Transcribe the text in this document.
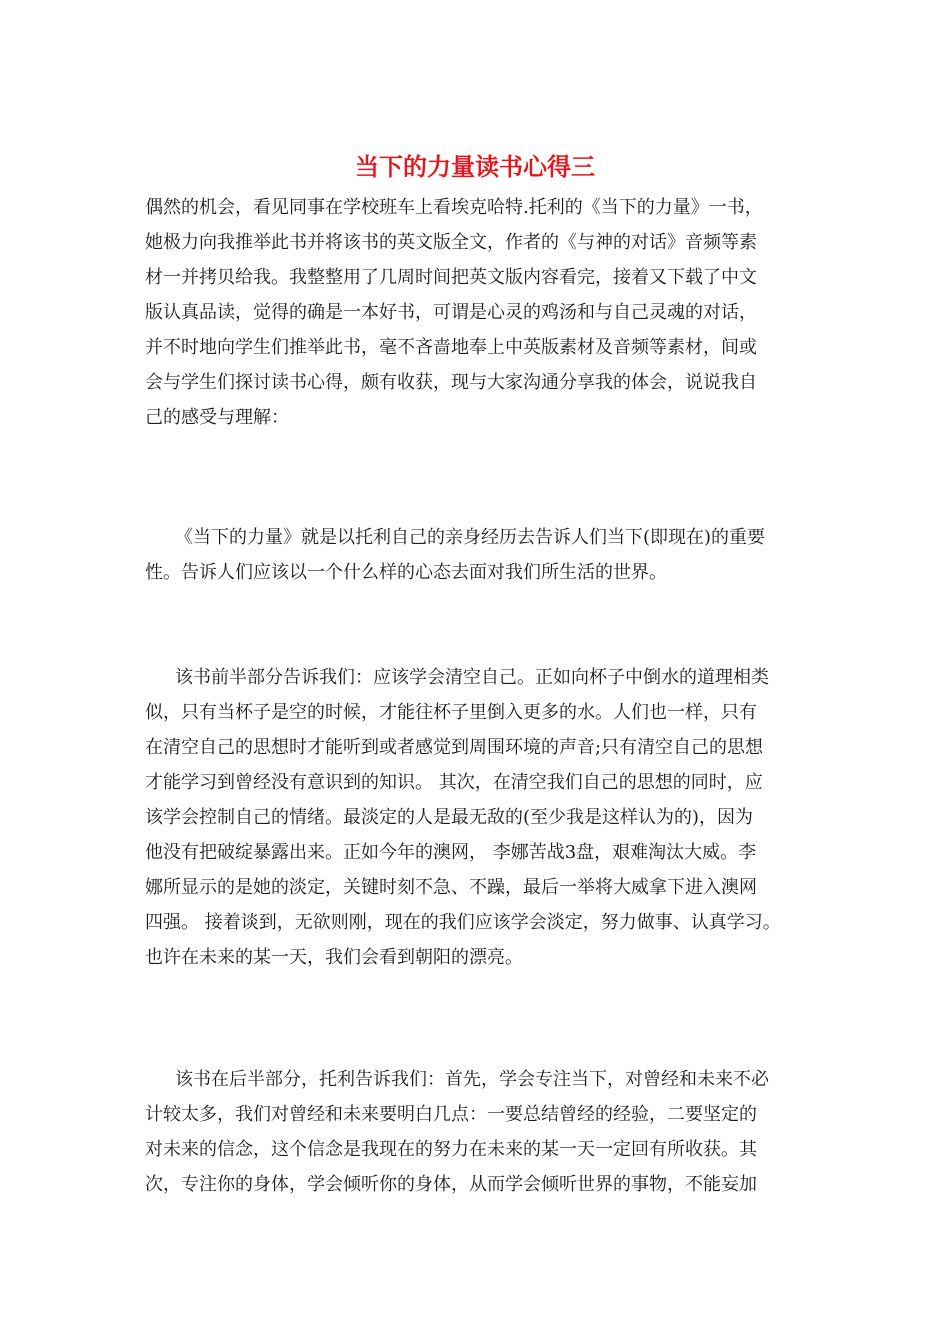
当下的力量读书心得三
偶然的机会，看见同事在学校班车上看埃克哈特.托利的《当下的力量》一书，
她极力向我推举此书并将该书的英文版全文，作者的《与神的对话》音频等素
材一并拷贝给我。我整整用了几周时间把英文版内容看完，接着又下载了中文
版认真品读，觉得的确是一本好书，可谓是心灵的鸡汤和与自己灵魂的对话，
并不时地向学生们推举此书，毫不吝啬地奉上中英版素材及音频等素材，间或
会与学生们探讨读书心得，颇有收获，现与大家沟通分享我的体会，说说我自
己的感受与理解：
《当下的力量》就是以托利自己的亲身经历去告诉人们当下(即现在)的重要
性。告诉人们应该以一个什么样的心态去面对我们所生活的世界。
该书前半部分告诉我们：应该学会清空自己。正如向杯子中倒水的道理相类
似，只有当杯子是空的时候，才能往杯子里倒入更多的水。人们也一样，只有
在清空自己的思想时才能听到或者感觉到周围环境的声音;只有清空自己的思想
才能学习到曾经没有意识到的知识。 其次，在清空我们自己的思想的同时，应
该学会控制自己的情绪。最淡定的人是最无敌的(至少我是这样认为的)，因为
他没有把破绽暴露出来。正如今年的澳网， 李娜苦战3盘，艰难淘汰大威。李
娜所显示的是她的淡定，关键时刻不急、不躁，最后一举将大威拿下进入澳网
四强。 接着谈到，无欲则刚，现在的我们应该学会淡定，努力做事、认真学习。
也许在未来的某一天，我们会看到朝阳的漂亮。
该书在后半部分，托利告诉我们：首先，学会专注当下，对曾经和未来不必
计较太多，我们对曾经和未来要明白几点：一要总结曾经的经验，二要坚定的
对未来的信念，这个信念是我现在的努力在未来的某一天一定回有所收获。其
次，专注你的身体，学会倾听你的身体，从而学会倾听世界的事物，不能妄加
